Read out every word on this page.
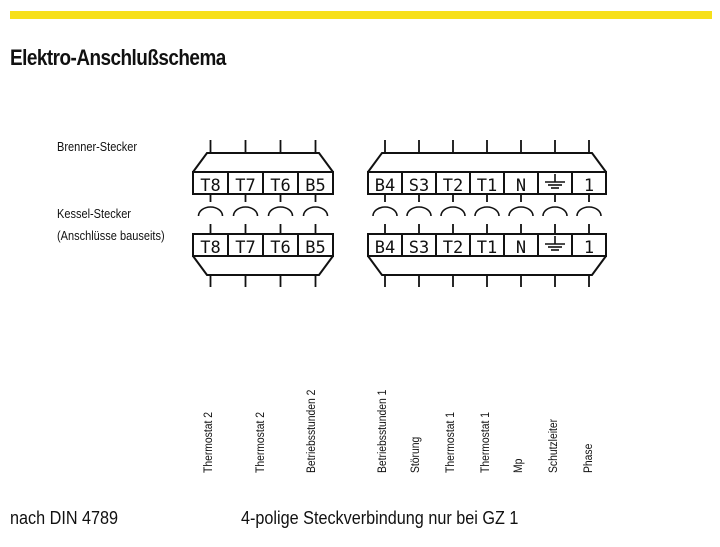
Elektro-Anschlußschema
Brenner-Stecker
Kessel-Stecker
(Anschlüsse bauseits)
T8 T7 T6 B5	B4 S3 T2 T1 N	1
T8 T7 T6 B5	B4 S3 T2 T1 N	1
Thermostat 2	Thermostat 2	Betriebsstunden 2	Betriebsstunden 1 Störung Thermostat 1 Thermostat 1 Mp Schutzleiter Phase
nach DIN 4789	4-polige Steckverbindung nur bei GZ 1
